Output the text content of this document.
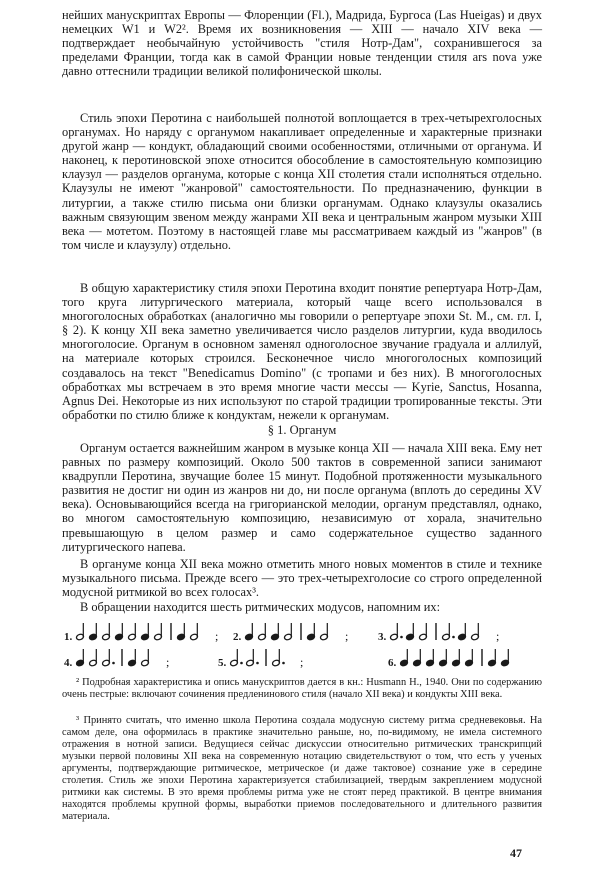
нейших манускриптах Европы — Флоренции (Fl.), Мадрида, Бургоса (Las Hueigas) и двух немецких W1 и W2². Время их возникновения — XIII — начало XIV века — подтверждает необычайную устойчивость "стиля Нотр-Дам", сохранившегося за пределами Франции, тогда как в самой Франции новые тенденции стиля ars nova уже давно оттеснили традиции великой полифонической школы.

Стиль эпохи Перотина с наибольшей полнотой воплощается в трех-четырехголосных органумах. Но наряду с органумом накапливает определенные и характерные признаки другой жанр — кондукт, обладающий своими особенностями, отличными от органума. И наконец, к перотиновской эпохе относится обособление в самостоятельную композицию клаузул — разделов органума, которые с конца XII столетия стали исполняться отдельно. Клаузулы не имеют "жанровой" самостоятельности. По предназначению, функции в литургии, а также стилю письма они близки органумам. Однако клаузулы оказались важным связующим звеном между жанрами XII века и центральным жанром музыки XIII века — мотетом. Поэтому в настоящей главе мы рассматриваем каждый из "жанров" (в том числе и клаузулу) отдельно.

В общую характеристику стиля эпохи Перотина входит понятие репертуара Нотр-Дам, того круга литургического материала, который чаще всего использовался в многоголосных обработках (аналогично мы говорили о репертуаре эпохи St. M., см. гл. I, § 2). К концу XII века заметно увеличивается число разделов литургии, куда вводилось многоголосие. Органум в основном заменял одноголосное звучание градуала и аллилуй, на материале которых строился. Бесконечное число многоголосных композиций создавалось на текст "Benedicamus Domino" (с тропами и без них). В многоголосных обработках мы встречаем в это время многие части мессы — Kyrie, Sanctus, Hosanna, Agnus Dei. Некоторые из них используют по старой традиции тропированные тексты. Эти обработки по стилю ближе к кондуктам, нежели к органумам.

§ 1. Органум

Органум остается важнейшим жанром в музыке конца XII — начала XIII века. Ему нет равных по размеру композиций. Около 500 тактов в современной записи занимают квадрупли Перотина, звучащие более 15 минут. Подобной протяженности музыкального развития не достиг ни один из жанров ни до, ни после органума (вплоть до середины XV века). Основывающийся всегда на григорианской мелодии, органум представлял, однако, во многом самостоятельную композицию, независимую от хорала, значительно превышающую в целом размер и само содержательное существо заданного литургического напева.

В органуме конца XII века можно отметить много новых моментов в стиле и технике музыкального письма. Прежде всего — это трех-четырехголосие со строго определенной модусной ритмикой во всех голосах³.

В обращении находится шесть ритмических модусов, напомним их:

1.	; 2.	;	3.	;
4.	;	5.	;	6.

² Подробная характеристика и опись манускриптов дается в кн.: Husmann H., 1940. Они по содержанию очень пестрые: включают сочинения предленинового стиля (начало XII века) и кондукты XIII века.

³ Принято считать, что именно школа Перотина создала модусную систему ритма средневековья. На самом деле, она оформилась в практике значительно раньше, но, по-видимому, не имела системного отражения в нотной записи. Ведущиеся сейчас дискуссии относительно ритмических транскрипций музыки первой половины XII века на современную нотацию свидетельствуют о том, что есть у ученых аргументы, подтверждающие ритмическое, метрическое (и даже тактовое) сознание уже в середине столетия. Стиль же эпохи Перотина характеризуется стабилизацией, твердым закреплением модусной ритмики как системы. В это время проблемы ритма уже не стоят перед практикой. В центре внимания находятся проблемы крупной формы, выработки приемов последовательного и длительного развития материала.

47
